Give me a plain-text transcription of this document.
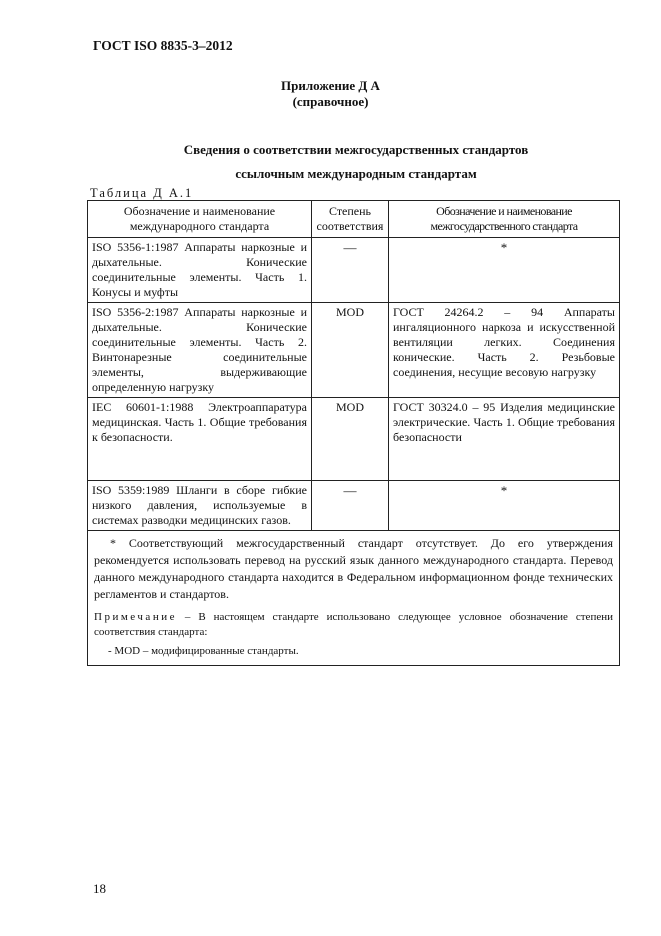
ГОСТ ISO 8835-3–2012
Приложение Д А
(справочное)
Сведения о соответствии межгосударственных стандартов
ссылочным международным стандартам
Таблица Д А.1
Обозначение и наименование международного стандарта	Степень соответствия	Обозначение и наименование межгосударственного стандарта
ISO 5356-1:1987 Аппараты наркозные и дыхательные. Конические соединительные элементы. Часть 1. Конусы и муфты	—	*

ISO 5356-2:1987 Аппараты наркозные и дыхательные. Конические соединительные элементы. Часть 2. Винтонарезные соединительные элементы, выдерживающие определенную нагрузку	MOD	ГОСТ 24264.2 – 94 Аппараты ингаляционного наркоза и искусственной вентиляции легких. Соединения конические. Часть 2. Резьбовые соединения, несущие весовую нагрузку
IEC 60601-1:1988 Электроаппаратура медицинская. Часть 1. Общие требования к безопасности.	MOD	ГОСТ 30324.0 – 95 Изделия медицинские электрические. Часть 1. Общие требования безопасности
ISO 5359:1989 Шланги в сборе гибкие низкого давления, используемые в системах разводки медицинских газов.	—	*

* Соответствующий межгосударственный стандарт отсутствует. До его утверждения рекомендуется использовать перевод на русский язык данного международного стандарта. Перевод данного международного стандарта находится в Федеральном информационном фонде технических регламентов и стандартов.

Примечание – В настоящем стандарте использовано следующее условное обозначение степени соответствия стандарта:

- MOD – модифицированные стандарты.		

18
